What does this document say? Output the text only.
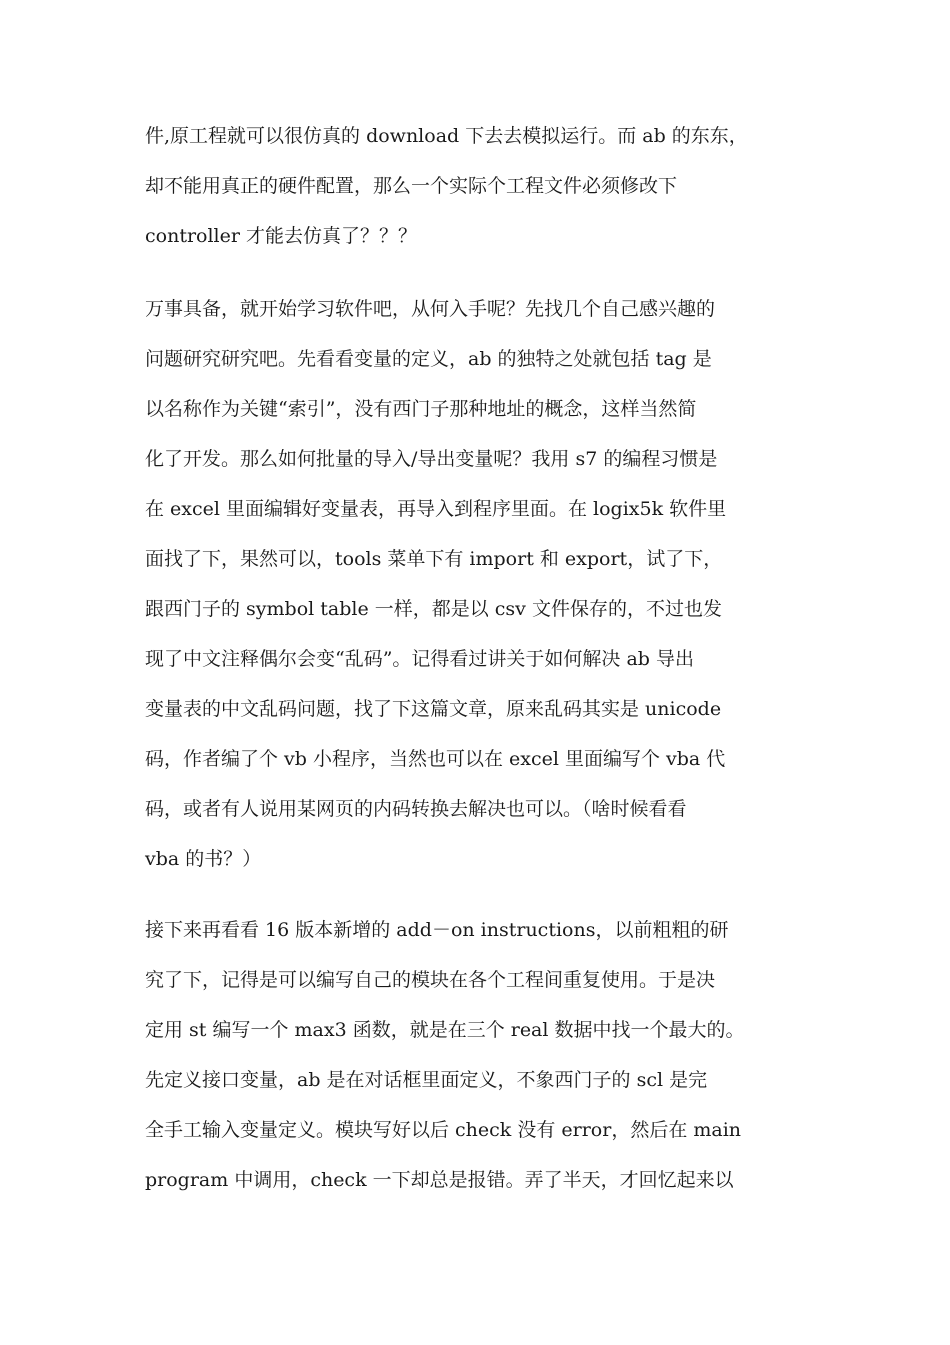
件,原工程就可以很仿真的 download 下去去模拟运行。而 ab 的东东，
却不能用真正的硬件配置，那么一个实际个工程文件必须修改下
controller 才能去仿真了？？？
万事具备，就开始学习软件吧，从何入手呢？先找几个自己感兴趣的
问题研究研究吧。先看看变量的定义，ab 的独特之处就包括 tag 是
以名称作为关键“索引”，没有西门子那种地址的概念，这样当然简
化了开发。那么如何批量的导入/导出变量呢？我用 s7 的编程习惯是
在 excel 里面编辑好变量表，再导入到程序里面。在 logix5k 软件里
面找了下，果然可以，tools 菜单下有 import 和 export，试了下，
跟西门子的 symbol table 一样，都是以 csv 文件保存的，不过也发
现了中文注释偶尔会变“乱码”。记得看过讲关于如何解决 ab 导出
变量表的中文乱码问题，找了下这篇文章，原来乱码其实是 unicode
码，作者编了个 vb 小程序，当然也可以在 excel 里面编写个 vba 代
码，或者有人说用某网页的内码转换去解决也可以。（啥时候看看
vba 的书？）
接下来再看看 16 版本新增的 add－on instructions，以前粗粗的研
究了下，记得是可以编写自己的模块在各个工程间重复使用。于是决
定用 st 编写一个 max3 函数，就是在三个 real 数据中找一个最大的。
先定义接口变量，ab 是在对话框里面定义，不象西门子的 scl 是完
全手工输入变量定义。模块写好以后 check 没有 error，然后在 main
program 中调用，check 一下却总是报错。弄了半天，才回忆起来以
